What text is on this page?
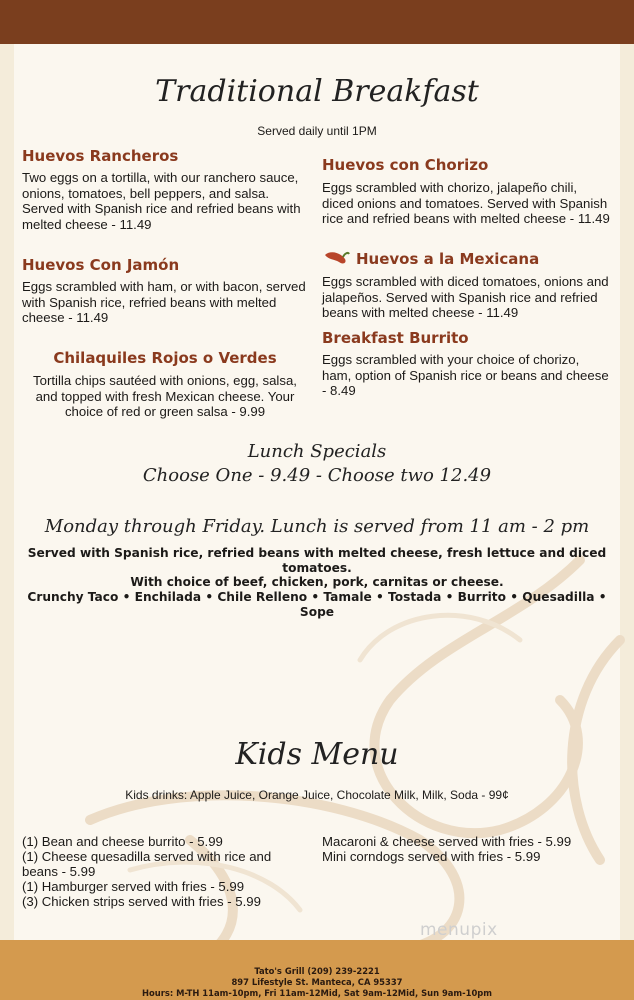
Traditional Breakfast
Served daily until 1PM
Huevos Rancheros
Two eggs on a tortilla, with our ranchero sauce, onions, tomatoes, bell peppers, and salsa. Served with Spanish rice and refried beans with melted cheese - 11.49
Huevos Con Jamón
Eggs scrambled with ham, or with bacon, served with Spanish rice, refried beans with melted cheese - 11.49
Chilaquiles Rojos o Verdes
Tortilla chips sautéed with onions, egg, salsa, and topped with fresh Mexican cheese. Your choice of red or green salsa - 9.99
Huevos con Chorizo
Eggs scrambled with chorizo, jalapeño chili, diced onions and tomatoes. Served with Spanish rice and refried beans with melted cheese - 11.49
Huevos a la Mexicana
Eggs scrambled with diced tomatoes, onions and jalapeños. Served with Spanish rice and refried beans with melted cheese - 11.49
Breakfast Burrito
Eggs scrambled with your choice of chorizo, ham, option of Spanish rice or beans and cheese - 8.49
Lunch Specials
Choose One - 9.49 - Choose two 12.49
Monday through Friday. Lunch is served from 11 am - 2 pm
Served with Spanish rice, refried beans with melted cheese, fresh lettuce and diced tomatoes.
With choice of beef, chicken, pork, carnitas or cheese.
Crunchy Taco • Enchilada • Chile Relleno • Tamale • Tostada • Burrito • Quesadilla • Sope
Kids Menu
Kids drinks: Apple Juice, Orange Juice, Chocolate Milk, Milk, Soda - 99¢
(1) Bean and cheese burrito - 5.99
(1) Cheese quesadilla served with rice and beans - 5.99
(1) Hamburger served with fries - 5.99
(3) Chicken strips served with fries - 5.99
Macaroni & cheese served with fries - 5.99
Mini corndogs served with fries - 5.99
menupix
Tato's Grill (209) 239-2221
897 Lifestyle St. Manteca, CA 95337
Hours: M-TH 11am-10pm, Fri 11am-12Mid, Sat 9am-12Mid, Sun 9am-10pm
